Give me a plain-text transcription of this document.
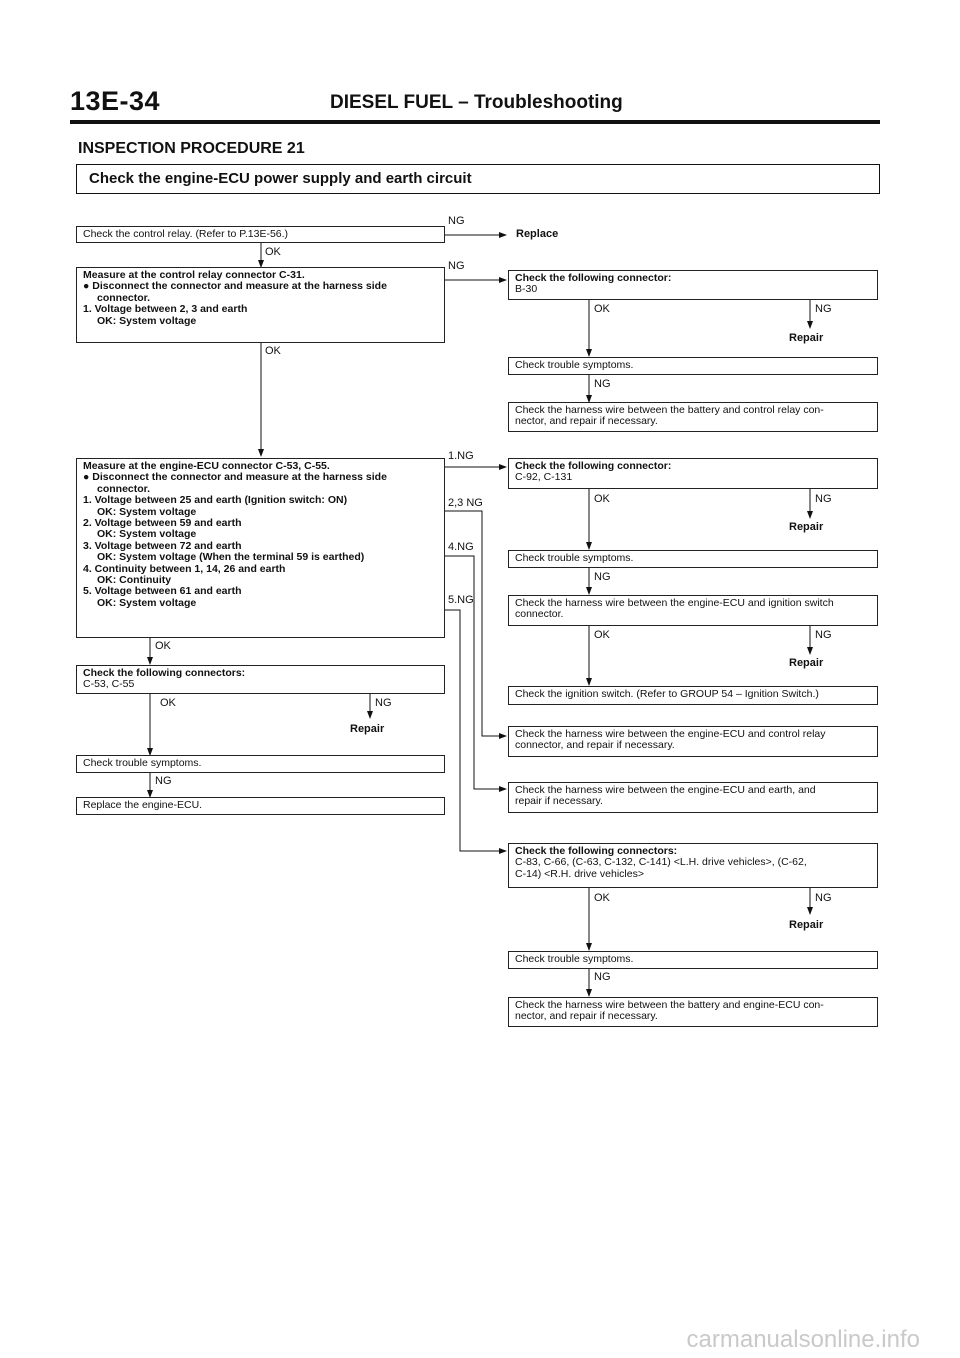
13E-34	DIESEL FUEL – Troubleshooting
INSPECTION PROCEDURE 21
Check the engine-ECU power supply and earth circuit
Check the control relay. (Refer to P.13E-56.)
OK
Measure at the control relay connector C-31.
● Disconnect the connector and measure at the harness side
connector.
1. Voltage between 2, 3 and earth
OK: System voltage
OK
Measure at the engine-ECU connector C-53, C-55.
● Disconnect the connector and measure at the harness side
connector.
1. Voltage between 25 and earth (Ignition switch: ON)
OK: System voltage
2. Voltage between 59 and earth
OK: System voltage
3. Voltage between 72 and earth
OK: System voltage (When the terminal 59 is earthed)
4. Continuity between 1, 14, 26 and earth
OK: Continuity
5. Voltage between 61 and earth
OK: System voltage
OK
Check the following connectors:
C-53, C-55
OK	NG
Repair
Check trouble symptoms.
NG
Replace the engine-ECU.
NG
Replace
NG
1.NG
2,3 NG
4.NG
5.NG
Check the following connector:
B-30
OK	NG
Repair
Check trouble symptoms.
NG
Check the harness wire between the battery and control relay con-
nector, and repair if necessary.
Check the following connector:
C-92, C-131
OK	NG
Repair
Check trouble symptoms.
NG
Check the harness wire between the engine-ECU and ignition switch
connector.
OK	NG
Repair
Check the ignition switch. (Refer to GROUP 54 – Ignition Switch.)
Check the harness wire between the engine-ECU and control relay
connector, and repair if necessary.
Check the harness wire between the engine-ECU and earth, and
repair if necessary.
Check the following connectors:
C-83, C-66, (C-63, C-132, C-141) <L.H. drive vehicles>, (C-62,
C-14) <R.H. drive vehicles>
OK	NG
Repair
Check trouble symptoms.
NG
Check the harness wire between the battery and engine-ECU con-
nector, and repair if necessary.
carmanualsonline.info
